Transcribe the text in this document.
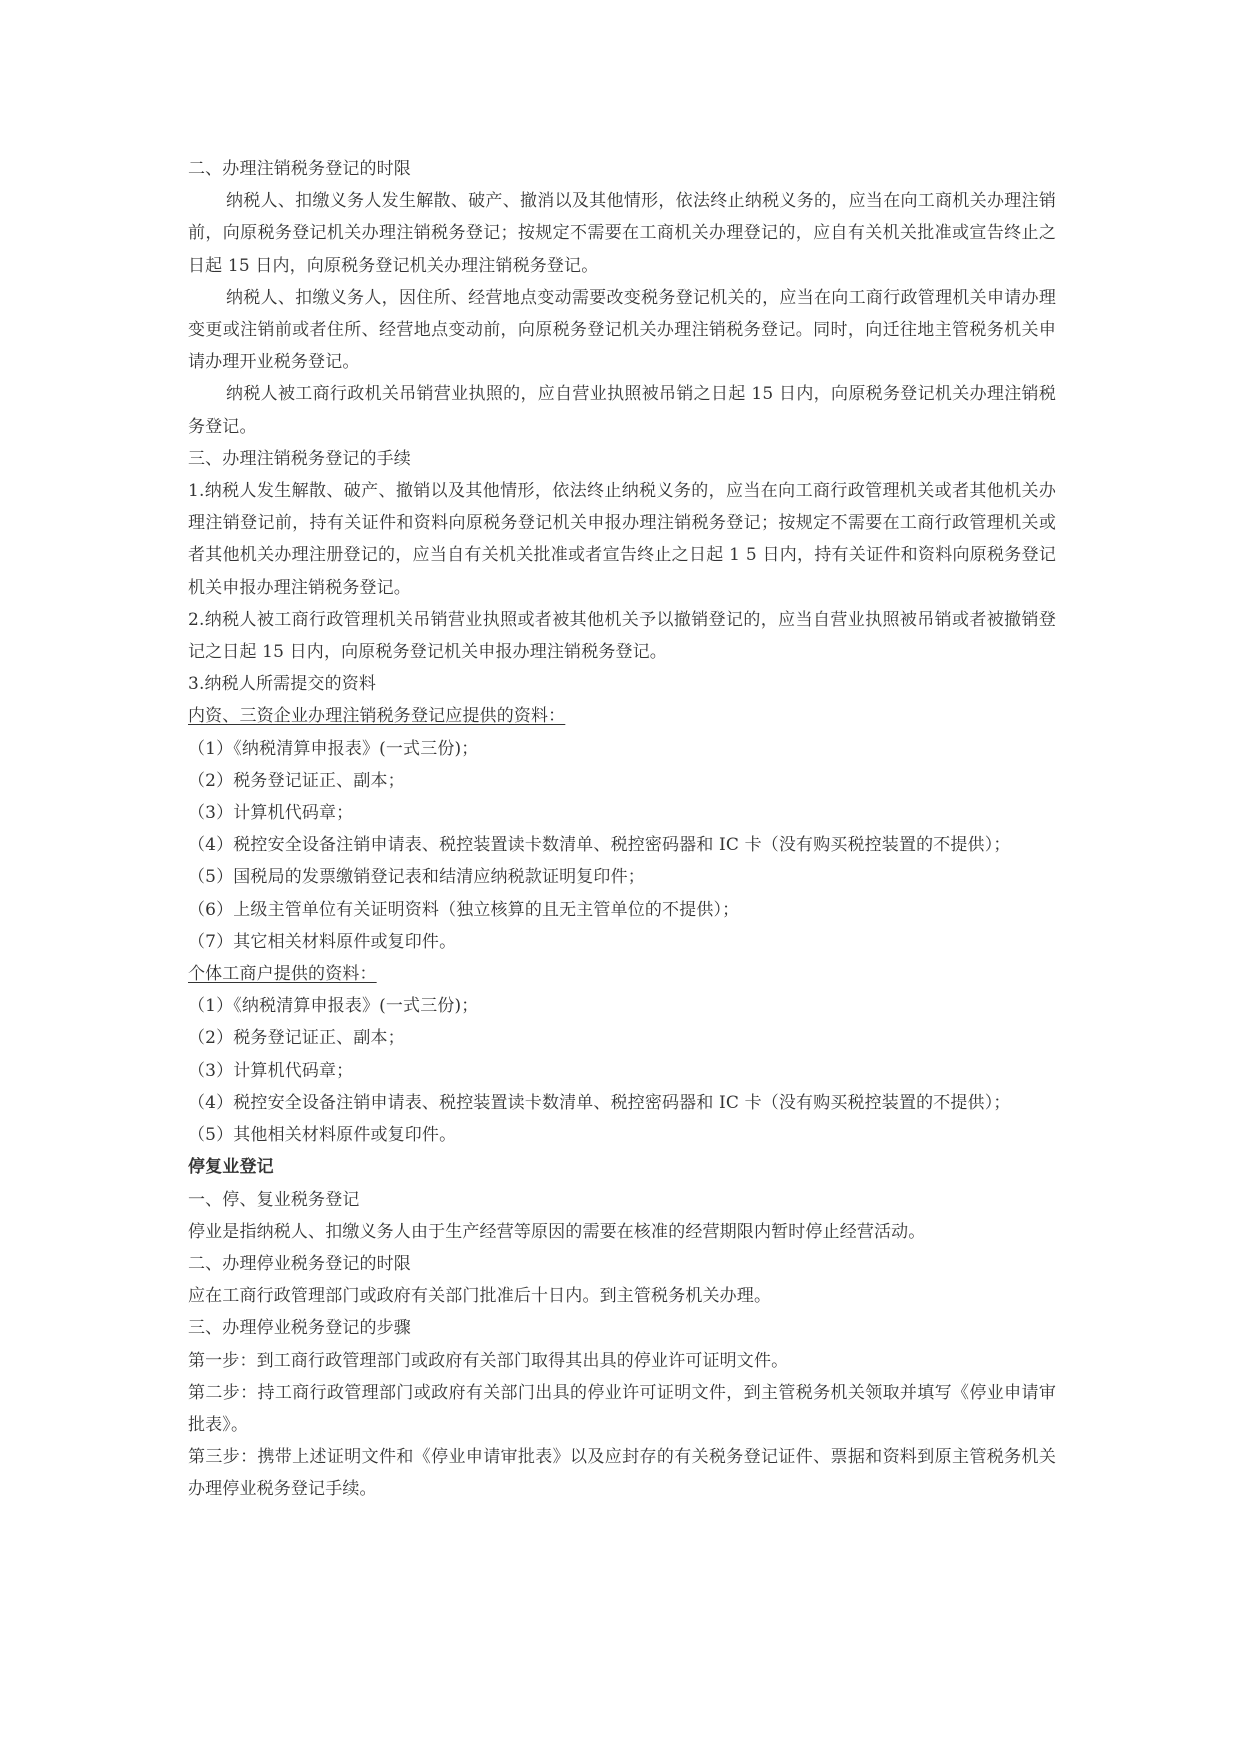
二、办理注销税务登记的时限

纳税人、扣缴义务人发生解散、破产、撤消以及其他情形，依法终止纳税义务的，应当在向工商机关办理注销前，向原税务登记机关办理注销税务登记；按规定不需要在工商机关办理登记的，应自有关机关批准或宣告终止之日起 15 日内，向原税务登记机关办理注销税务登记。

纳税人、扣缴义务人，因住所、经营地点变动需要改变税务登记机关的，应当在向工商行政管理机关申请办理变更或注销前或者住所、经营地点变动前，向原税务登记机关办理注销税务登记。同时，向迁往地主管税务机关申请办理开业税务登记。

纳税人被工商行政机关吊销营业执照的，应自营业执照被吊销之日起 15 日内，向原税务登记机关办理注销税务登记。

三、办理注销税务登记的手续

1.纳税人发生解散、破产、撤销以及其他情形，依法终止纳税义务的，应当在向工商行政管理机关或者其他机关办理注销登记前，持有关证件和资料向原税务登记机关申报办理注销税务登记；按规定不需要在工商行政管理机关或者其他机关办理注册登记的，应当自有关机关批准或者宣告终止之日起 1 5 日内，持有关证件和资料向原税务登记机关申报办理注销税务登记。

2.纳税人被工商行政管理机关吊销营业执照或者被其他机关予以撤销登记的，应当自营业执照被吊销或者被撤销登记之日起 15 日内，向原税务登记机关申报办理注销税务登记。

3.纳税人所需提交的资料

内资、三资企业办理注销税务登记应提供的资料：

（1）《纳税清算申报表》(一式三份)；

（2）税务登记证正、副本；

（3）计算机代码章；

（4）税控安全设备注销申请表、税控装置读卡数清单、税控密码器和 IC 卡（没有购买税控装置的不提供）；

（5）国税局的发票缴销登记表和结清应纳税款证明复印件；

（6）上级主管单位有关证明资料（独立核算的且无主管单位的不提供）；

（7）其它相关材料原件或复印件。

个体工商户提供的资料：

（1）《纳税清算申报表》(一式三份)；

（2）税务登记证正、副本；

（3）计算机代码章；

（4）税控安全设备注销申请表、税控装置读卡数清单、税控密码器和 IC 卡（没有购买税控装置的不提供）；

（5）其他相关材料原件或复印件。

停复业登记

一、停、复业税务登记

停业是指纳税人、扣缴义务人由于生产经营等原因的需要在核准的经营期限内暂时停止经营活动。

二、办理停业税务登记的时限

应在工商行政管理部门或政府有关部门批准后十日内。到主管税务机关办理。

三、办理停业税务登记的步骤

第一步：到工商行政管理部门或政府有关部门取得其出具的停业许可证明文件。

第二步：持工商行政管理部门或政府有关部门出具的停业许可证明文件，到主管税务机关领取并填写《停业申请审批表》。

第三步：携带上述证明文件和《停业申请审批表》以及应封存的有关税务登记证件、票据和资料到原主管税务机关办理停业税务登记手续。
